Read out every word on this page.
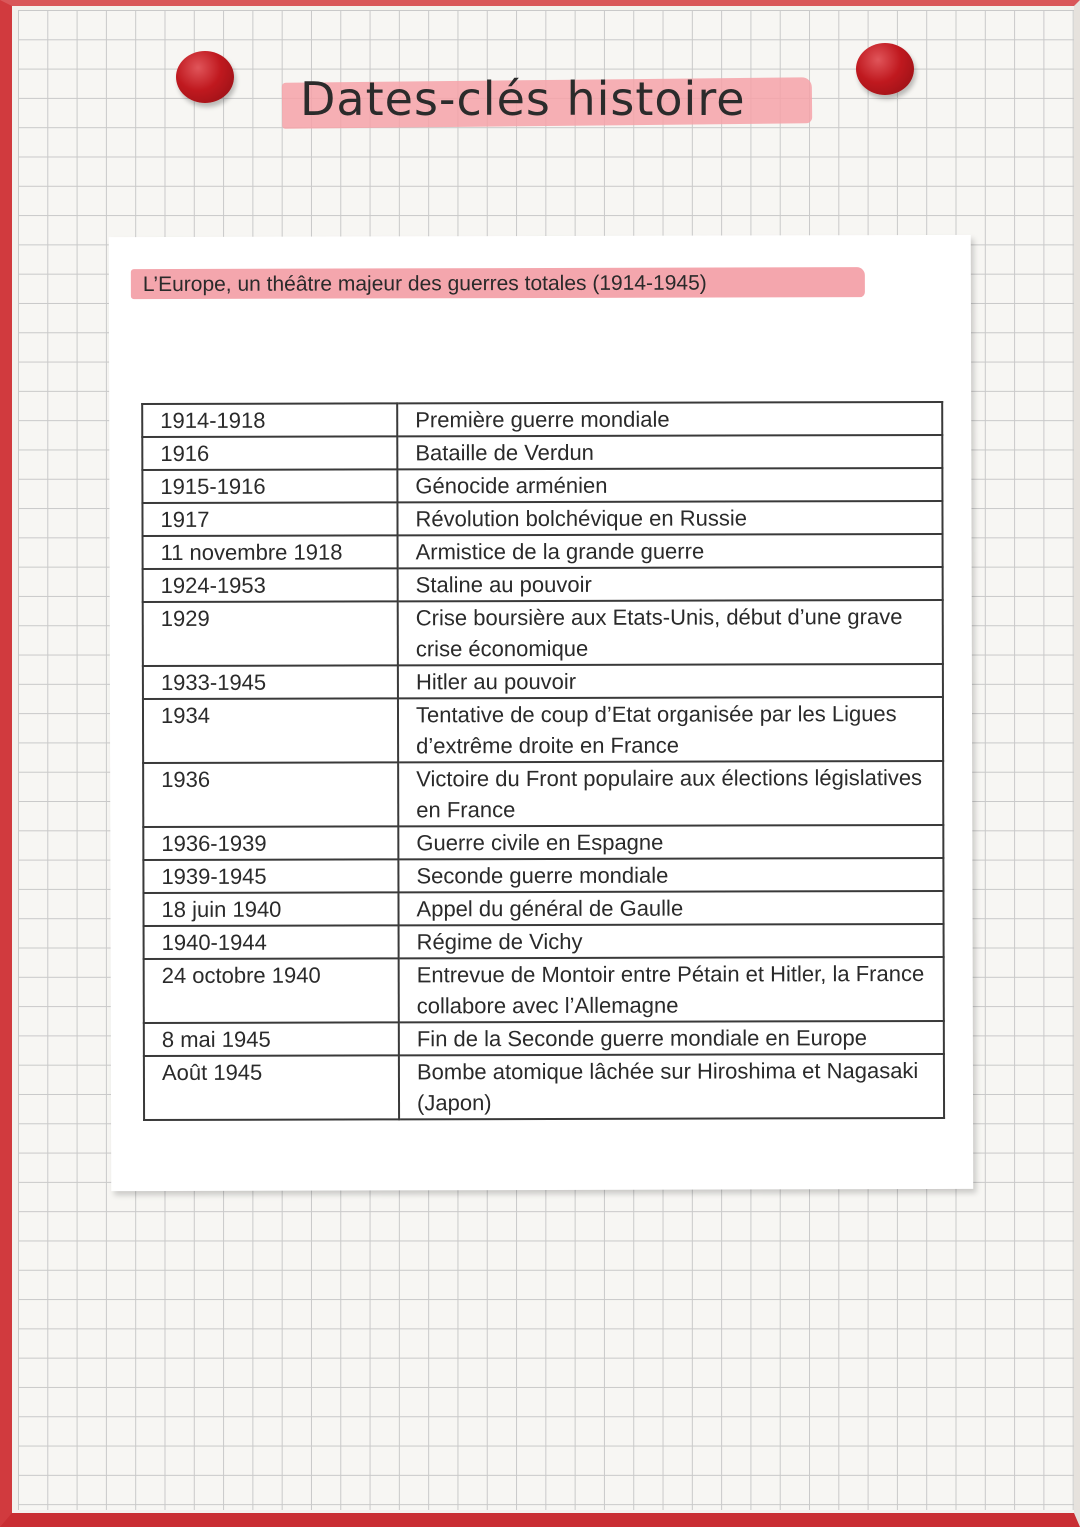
Dates-clés histoire
L’Europe, un théâtre majeur des guerres totales (1914-1945)
1914-1918	Première guerre mondiale
1916	Bataille de Verdun
1915-1916	Génocide arménien
1917	Révolution bolchévique en Russie
11 novembre 1918	Armistice de la grande guerre
1924-1953	Staline au pouvoir
1929	Crise boursière aux Etats-Unis, début d’une grave crise économique
1933-1945	Hitler au pouvoir
1934	Tentative de coup d’Etat organisée par les Ligues d’extrême droite en France
1936	Victoire du Front populaire aux élections législatives en France
1936-1939	Guerre civile en Espagne
1939-1945	Seconde guerre mondiale
18 juin 1940	Appel du général de Gaulle
1940-1944	Régime de Vichy
24 octobre 1940	Entrevue de Montoir entre Pétain et Hitler, la France collabore avec l’Allemagne
8 mai 1945	Fin de la Seconde guerre mondiale en Europe
Août 1945	Bombe atomique lâchée sur Hiroshima et Nagasaki (Japon)
